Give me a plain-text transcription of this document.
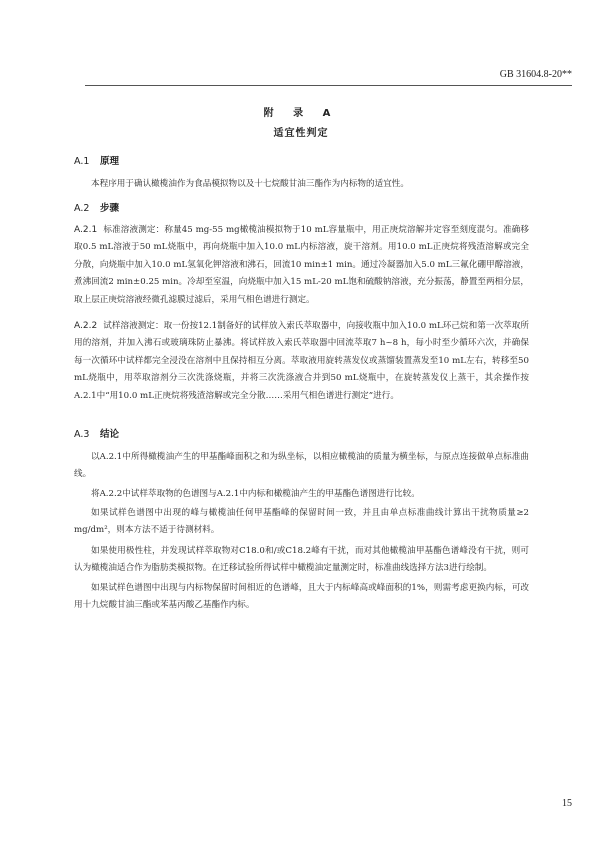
GB 31604.8-20**
附 录 A
适宜性判定
A.1 原理
本程序用于确认橄榄油作为食品模拟物以及十七烷酸甘油三酯作为内标物的适宜性。
A.2 步骤
A.2.1 标准溶液测定：称量45 mg-55 mg橄榄油模拟物于10 mL容量瓶中，用正庚烷溶解并定容至刻度混匀。准确移取0.5 mL溶液于50 mL烧瓶中，再向烧瓶中加入10.0 mL内标溶液，旋干溶剂。用10.0 mL正庚烷将残渣溶解或完全分散，向烧瓶中加入10.0 mL氢氧化钾溶液和沸石，回流10 min±1 min。通过冷凝器加入5.0 mL三氟化硼甲醇溶液，煮沸回流2 min±0.25 min。冷却至室温，向烧瓶中加入15 mL-20 mL饱和硫酸钠溶液，充分振荡，静置至两相分层，取上层正庚烷溶液经微孔滤膜过滤后，采用气相色谱进行测定。
A.2.2 试样溶液测定：取一份按12.1制备好的试样放入索氏萃取器中，向接收瓶中加入10.0 mL环己烷和第一次萃取所用的溶剂，并加入沸石或玻璃珠防止暴沸。将试样放入索氏萃取器中回流萃取7 h~8 h，每小时至少循环六次，并确保每一次循环中试样都完全浸没在溶剂中且保持相互分离。萃取液用旋转蒸发仪或蒸馏装置蒸发至10 mL左右，转移至50 mL烧瓶中，用萃取溶剂分三次洗涤烧瓶，并将三次洗涤液合并到50 mL烧瓶中，在旋转蒸发仪上蒸干，其余操作按A.2.1中“用10.0 mL正庚烷将残渣溶解或完全分散……采用气相色谱进行测定”进行。
A.3 结论
以A.2.1中所得橄榄油产生的甲基酯峰面积之和为纵坐标，以相应橄榄油的质量为横坐标，与原点连接做单点标准曲线。
将A.2.2中试样萃取物的色谱图与A.2.1中内标和橄榄油产生的甲基酯色谱图进行比较。
如果试样色谱图中出现的峰与橄榄油任何甲基酯峰的保留时间一致，并且由单点标准曲线计算出干扰物质量≥2 mg/dm²，则本方法不适于待测材料。
如果使用极性柱，并发现试样萃取物对C18.0和/或C18.2峰有干扰，而对其他橄榄油甲基酯色谱峰没有干扰，则可认为橄榄油适合作为脂肪类模拟物。在迁移试验所得试样中橄榄油定量测定时，标准曲线选择方法3进行绘制。
如果试样色谱图中出现与内标物保留时间相近的色谱峰，且大于内标峰高或峰面积的1%，则需考虑更换内标，可改用十九烷酸甘油三酯或苯基丙酸乙基酯作内标。
15
